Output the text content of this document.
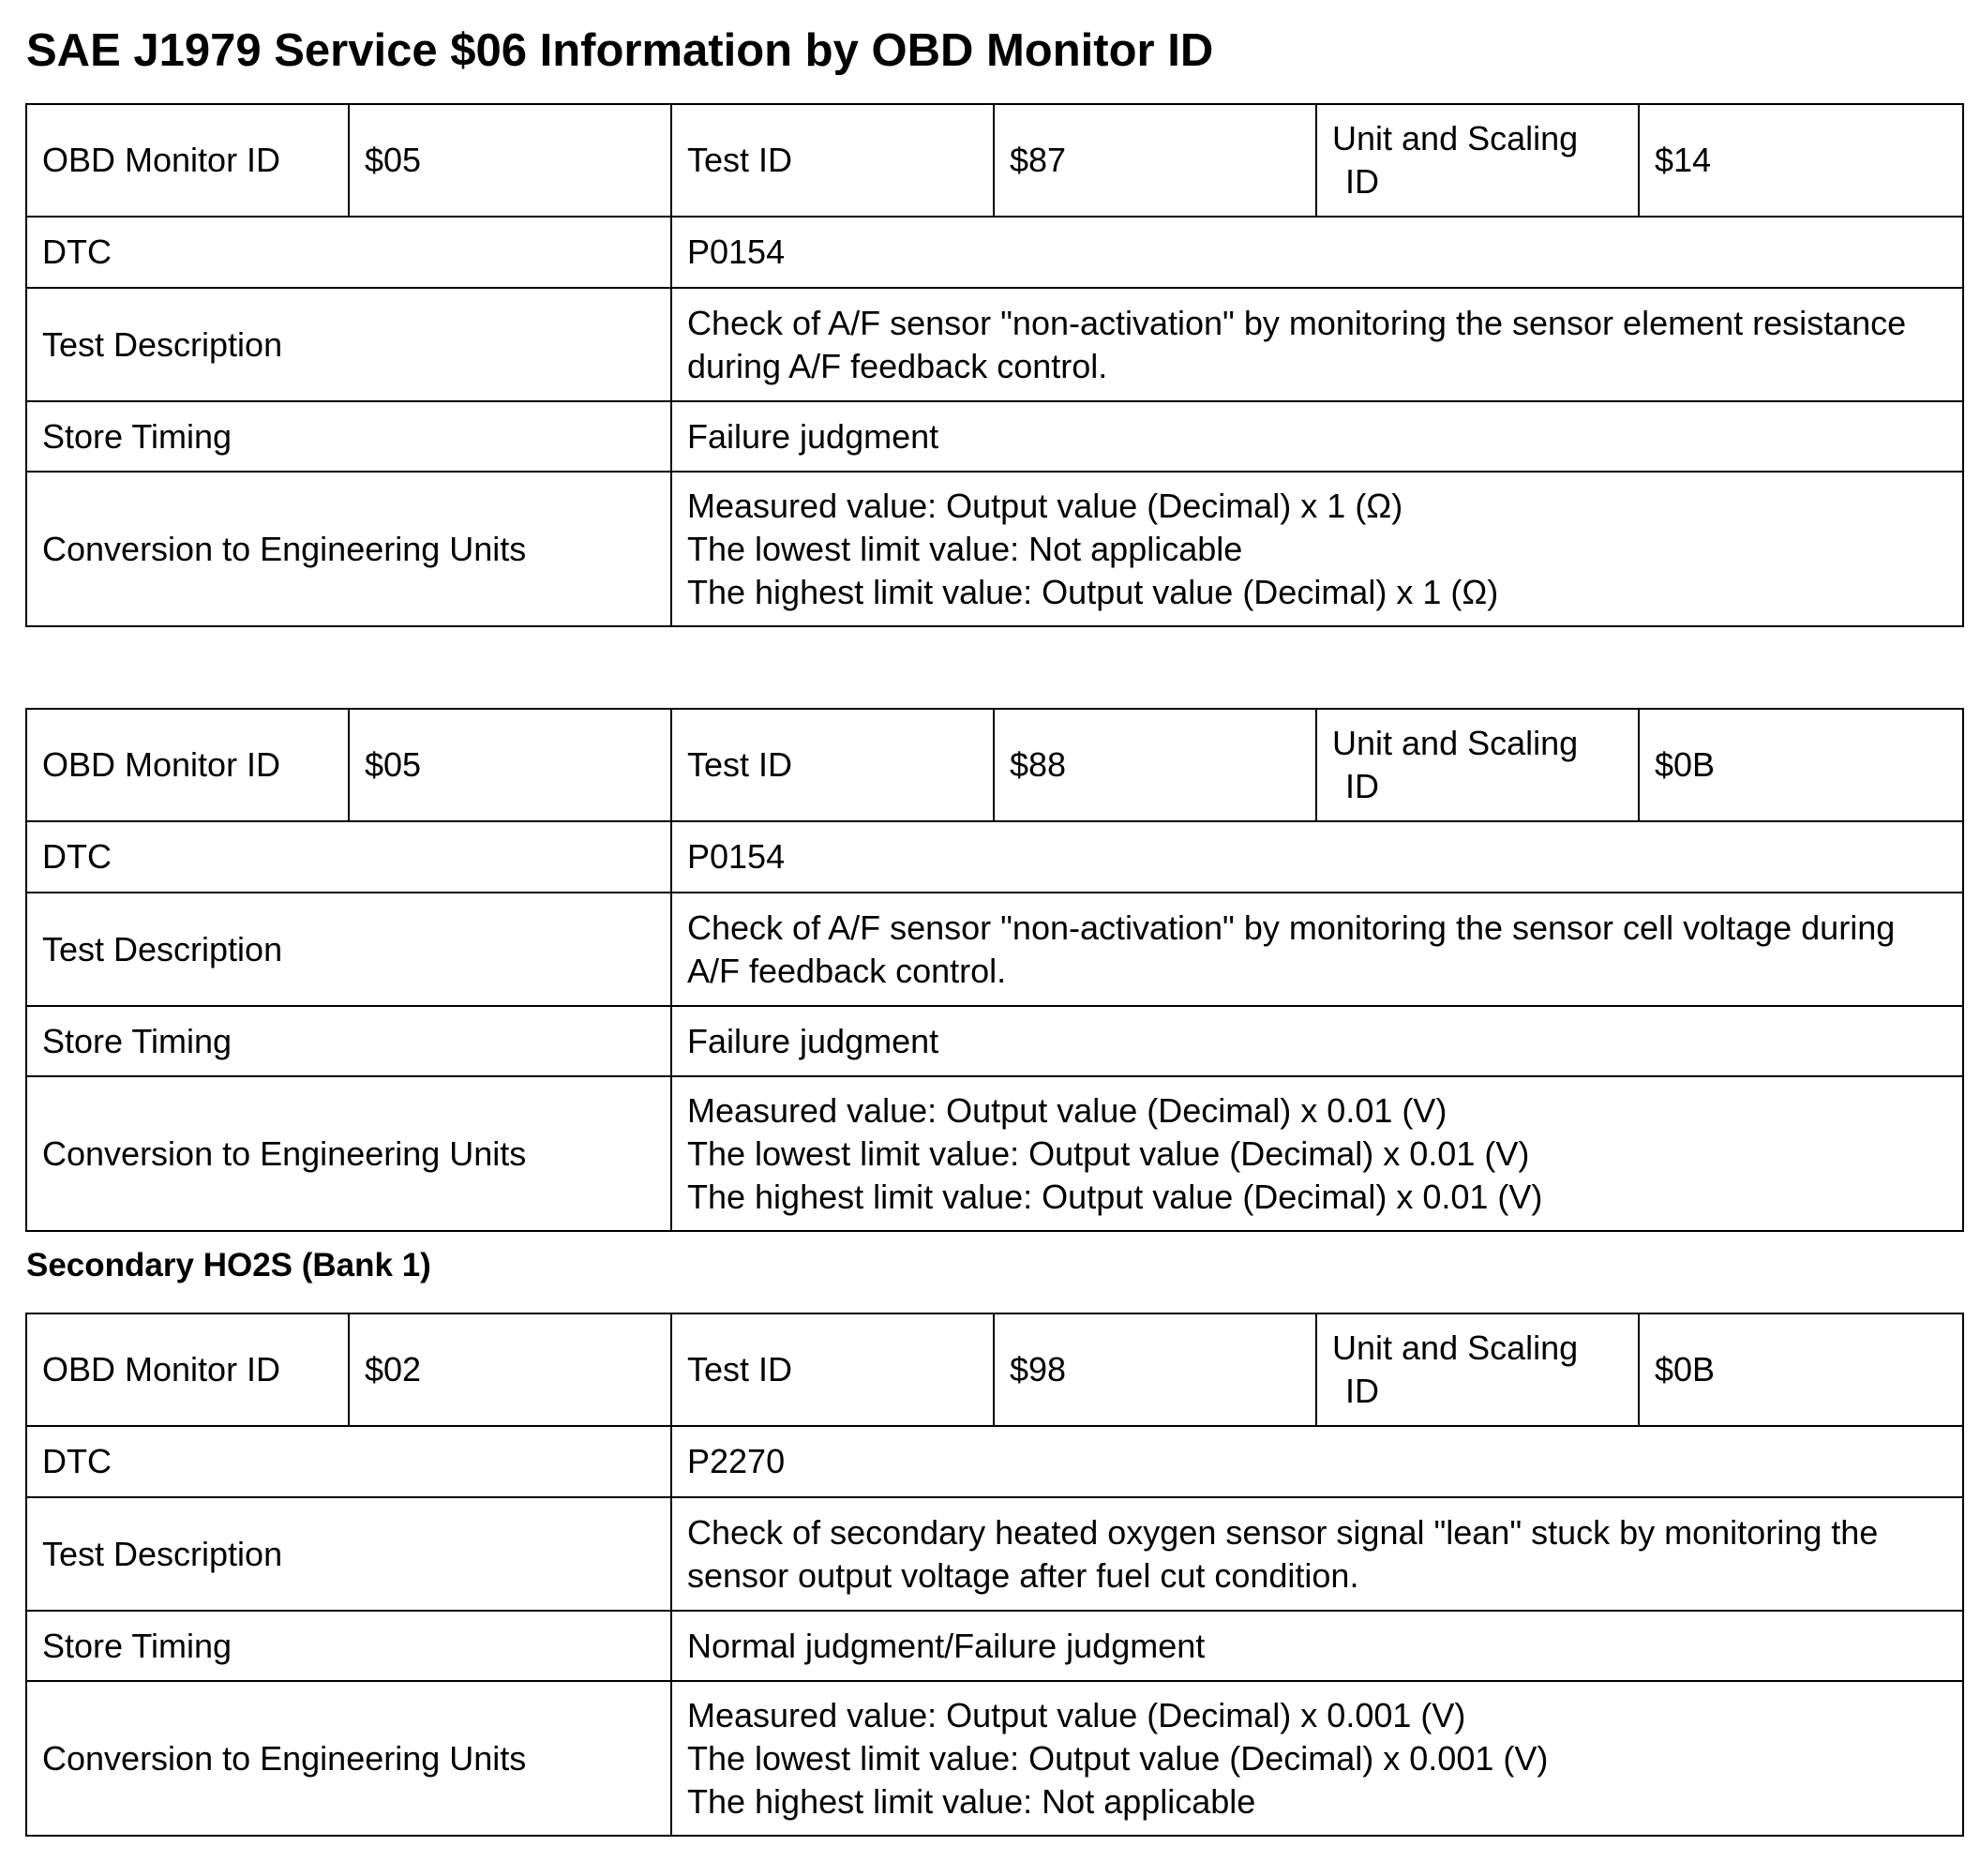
SAE J1979 Service $06 Information by OBD Monitor ID
OBD Monitor ID	$05	Test ID	$87	Unit and Scaling
ID	$14
DTC		P0154			
Test Description		Check of A/F sensor "non-activation" by monitoring the sensor element resistance during A/F feedback control.			
Store Timing		Failure judgment			
Conversion to Engineering Units		Measured value: Output value (Decimal) x 1 (Ω)
The lowest limit value: Not applicable
The highest limit value: Output value (Decimal) x 1 (Ω)			
OBD Monitor ID	$05	Test ID	$88	Unit and Scaling
ID	$0B
DTC		P0154			
Test Description		Check of A/F sensor "non-activation" by monitoring the sensor cell voltage during A/F feedback control.			
Store Timing		Failure judgment			
Conversion to Engineering Units		Measured value: Output value (Decimal) x 0.01 (V)
The lowest limit value: Output value (Decimal) x 0.01 (V)
The highest limit value: Output value (Decimal) x 0.01 (V)			
Secondary HO2S (Bank 1)
OBD Monitor ID	$02	Test ID	$98	Unit and Scaling
ID	$0B
DTC		P2270			
Test Description		Check of secondary heated oxygen sensor signal "lean" stuck by monitoring the sensor output voltage after fuel cut condition.			
Store Timing		Normal judgment/Failure judgment			
Conversion to Engineering Units		Measured value: Output value (Decimal) x 0.001 (V)
The lowest limit value: Output value (Decimal) x 0.001 (V)
The highest limit value: Not applicable			
